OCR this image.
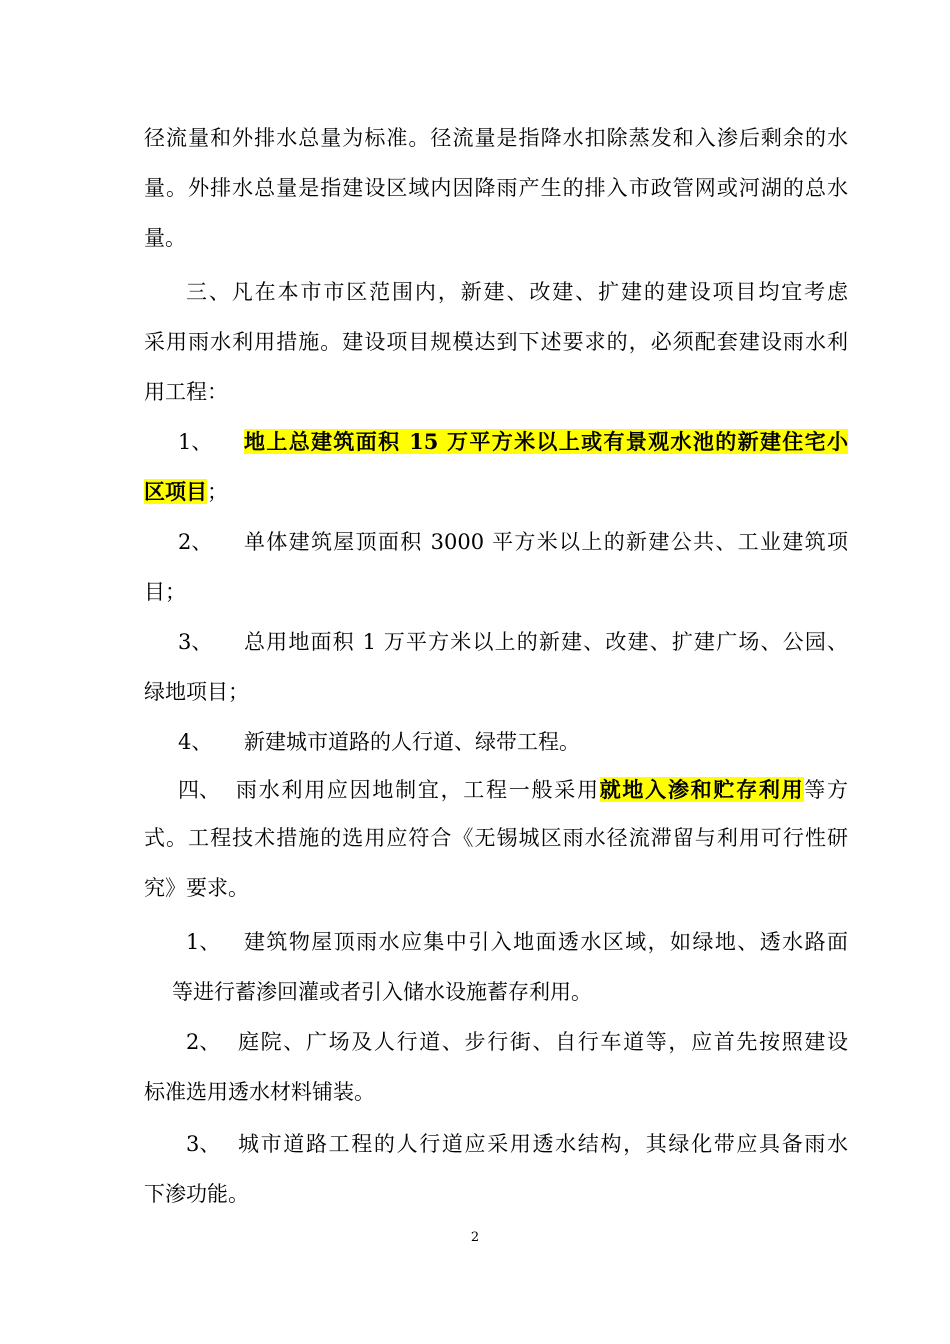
径流量和外排水总量为标准。径流量是指降水扣除蒸发和入渗后剩余的水

量。外排水总量是指建设区域内因降雨产生的排入市政管网或河湖的总水

量。

三、凡在本市市区范围内，新建、改建、扩建的建设项目均宜考虑

采用雨水利用措施。建设项目规模达到下述要求的，必须配套建设雨水利

用工程：

1、 地上总建筑面积 15 万平方米以上或有景观水池的新建住宅小

区项目；

2、 单体建筑屋顶面积 3000 平方米以上的新建公共、工业建筑项

目；

3、 总用地面积 1 万平方米以上的新建、改建、扩建广场、公园、

绿地项目；

4、 新建城市道路的人行道、绿带工程。

四、 雨水利用应因地制宜，工程一般采用就地入渗和贮存利用等方

式。工程技术措施的选用应符合《无锡城区雨水径流滞留与利用可行性研

究》要求。

1、 建筑物屋顶雨水应集中引入地面透水区域，如绿地、透水路面

等进行蓄渗回灌或者引入储水设施蓄存利用。

2、 庭院、广场及人行道、步行街、自行车道等，应首先按照建设

标准选用透水材料铺装。

3、 城市道路工程的人行道应采用透水结构，其绿化带应具备雨水

下渗功能。

2
